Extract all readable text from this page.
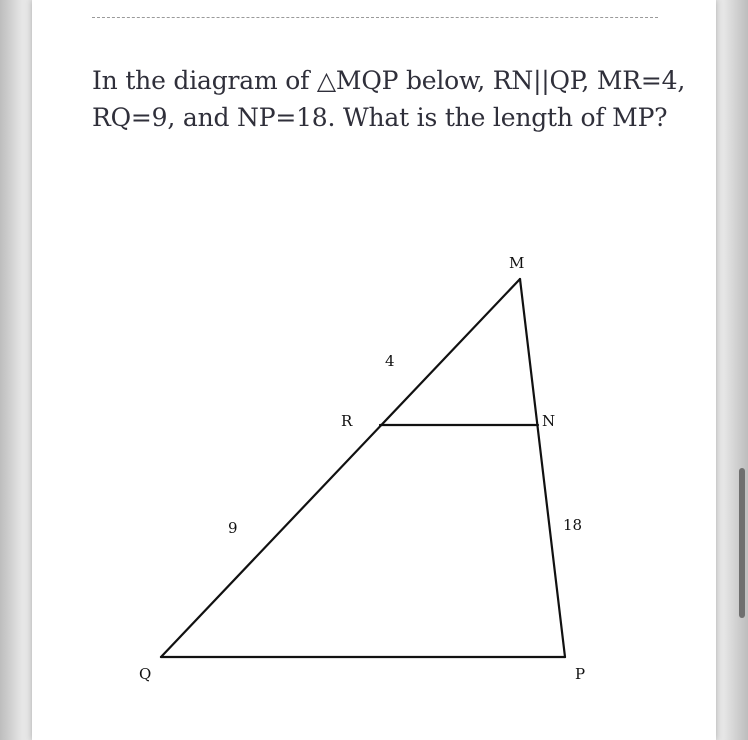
In the diagram of △MQP below, RN||QP, MR=4, RQ=9, and NP=18. What is the length of MP?
M
R	N
Q	P
4
9	18
